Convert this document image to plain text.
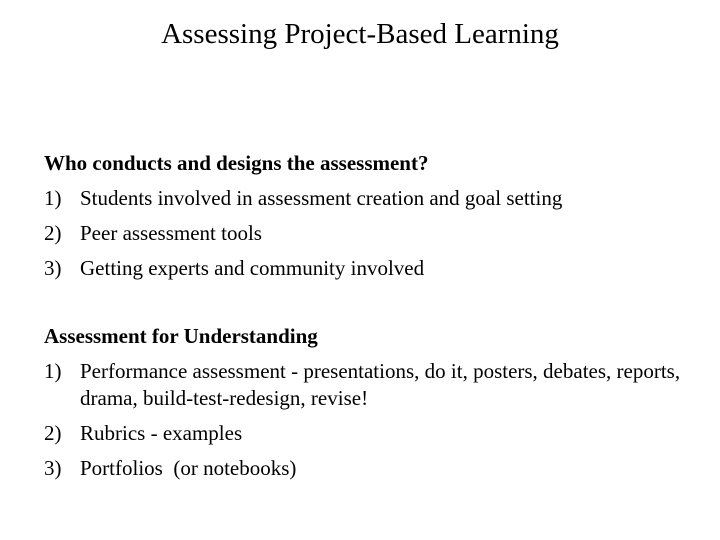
Assessing Project-Based Learning

Who conducts and designs the assessment?

1) Students involved in assessment creation and goal setting
2) Peer assessment tools
3) Getting experts and community involved

Assessment for Understanding

1) Performance assessment - presentations, do it, posters, debates, reports, drama, build-test-redesign, revise!
2) Rubrics - examples
3) Portfolios  (or notebooks)
